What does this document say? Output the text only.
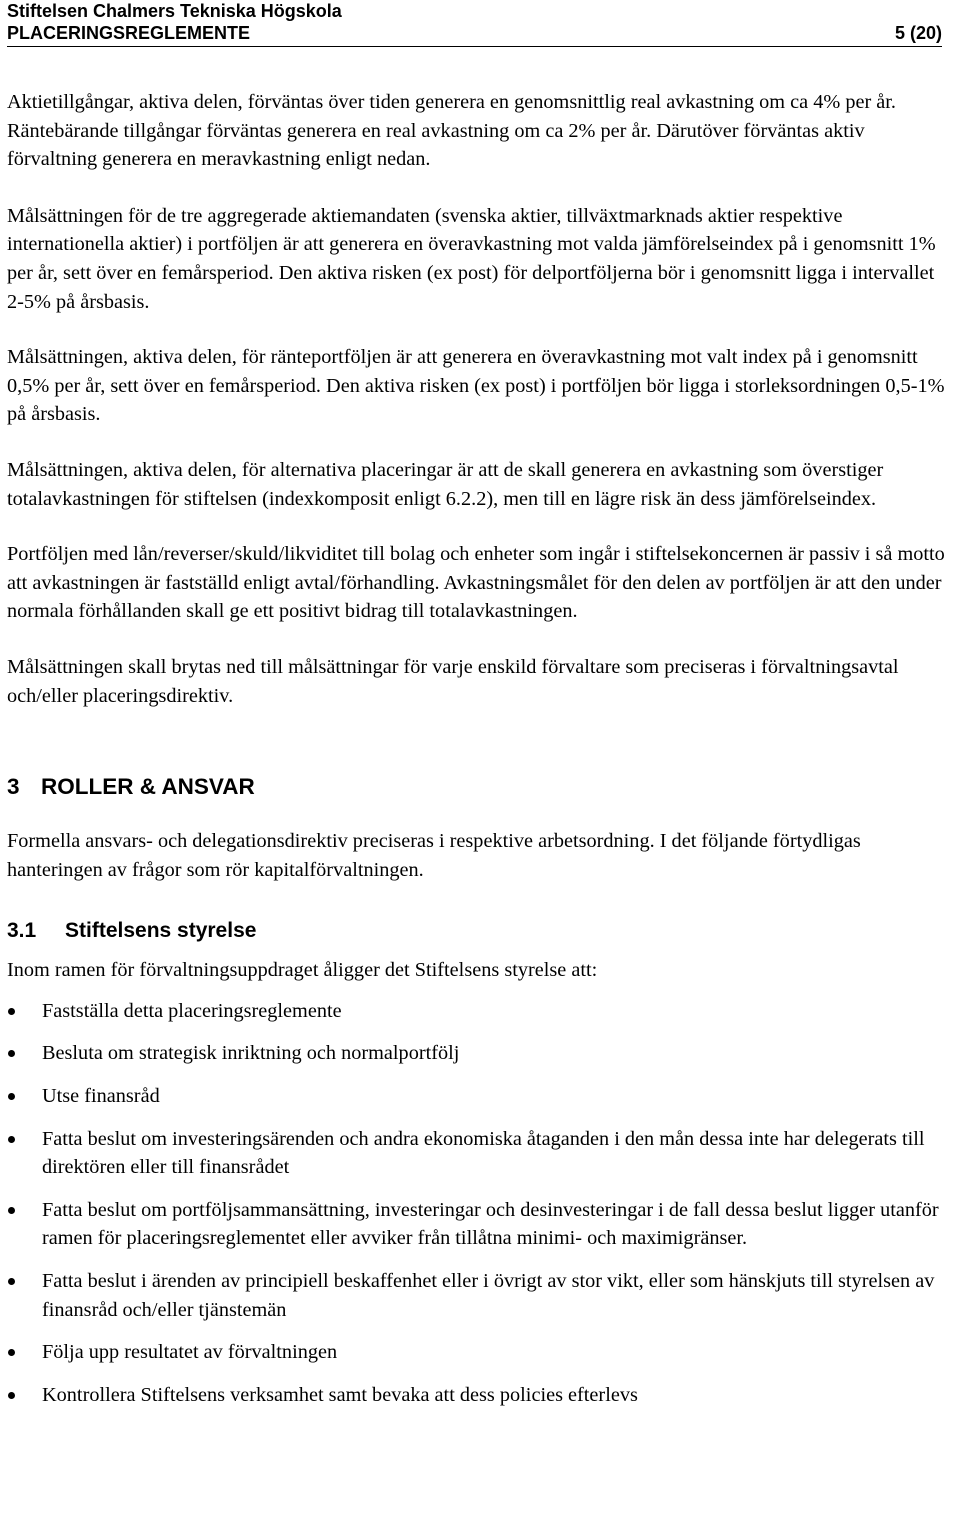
Stiftelsen Chalmers Tekniska Högskola
PLACERINGSREGLEMENTE	5 (20)

Aktietillgångar, aktiva delen, förväntas över tiden generera en genomsnittlig real avkastning om ca 4% per år. Räntebärande tillgångar förväntas generera en real avkastning om ca 2% per år. Därutöver förväntas aktiv förvaltning generera en meravkastning enligt nedan.

Målsättningen för de tre aggregerade aktiemandaten (svenska aktier, tillväxtmarknads aktier respektive internationella aktier) i portföljen är att generera en överavkastning mot valda jämförelseindex på i genomsnitt 1% per år, sett över en femårsperiod. Den aktiva risken (ex post) för delportföljerna bör i genomsnitt ligga i intervallet 2-5% på årsbasis.

Målsättningen, aktiva delen, för ränteportföljen är att generera en överavkastning mot valt index på i genomsnitt 0,5% per år, sett över en femårsperiod. Den aktiva risken (ex post) i portföljen bör ligga i storleksordningen 0,5-1% på årsbasis.

Målsättningen, aktiva delen, för alternativa placeringar är att de skall generera en avkastning som överstiger totalavkastningen för stiftelsen (indexkomposit enligt 6.2.2), men till en lägre risk än dess jämförelseindex.

Portföljen med lån/reverser/skuld/likviditet till bolag och enheter som ingår i stiftelsekoncernen är passiv i så motto att avkastningen är fastställd enligt avtal/förhandling. Avkastningsmålet för den delen av portföljen är att den under normala förhållanden skall ge ett positivt bidrag till totalavkastningen.

Målsättningen skall brytas ned till målsättningar för varje enskild förvaltare som preciseras i förvaltningsavtal och/eller placeringsdirektiv.

3 ROLLER & ANSVAR

Formella ansvars- och delegationsdirektiv preciseras i respektive arbetsordning. I det följande förtydligas hanteringen av frågor som rör kapitalförvaltningen.

3.1 Stiftelsens styrelse

Inom ramen för förvaltningsuppdraget åligger det Stiftelsens styrelse att:

Fastställa detta placeringsreglemente
Besluta om strategisk inriktning och normalportfölj
Utse finansråd
Fatta beslut om investeringsärenden och andra ekonomiska åtaganden i den mån dessa inte har delegerats till direktören eller till finansrådet
Fatta beslut om portföljsammansättning, investeringar och desinvesteringar i de fall dessa beslut ligger utanför ramen för placeringsreglementet eller avviker från tillåtna minimi- och maximigränser.
Fatta beslut i ärenden av principiell beskaffenhet eller i övrigt av stor vikt, eller som hänskjuts till styrelsen av finansråd och/eller tjänstemän
Följa upp resultatet av förvaltningen
Kontrollera Stiftelsens verksamhet samt bevaka att dess policies efterlevs
